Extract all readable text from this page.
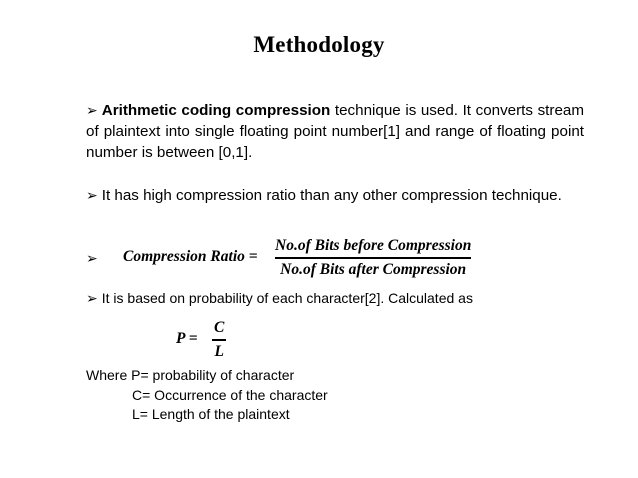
Methodology
➢ Arithmetic coding compression technique is used. It converts stream of plaintext into single floating point number[1] and range of floating point number is between [0,1].
➢ It has high compression ratio than any other compression technique.
➢ Compression Ratio =
No.of Bits before Compression
No.of Bits after Compression
➢ It is based on probability of each character[2]. Calculated as
P =
C
L
Where P= probability of character
C= Occurrence of the character
L= Length of the plaintext
